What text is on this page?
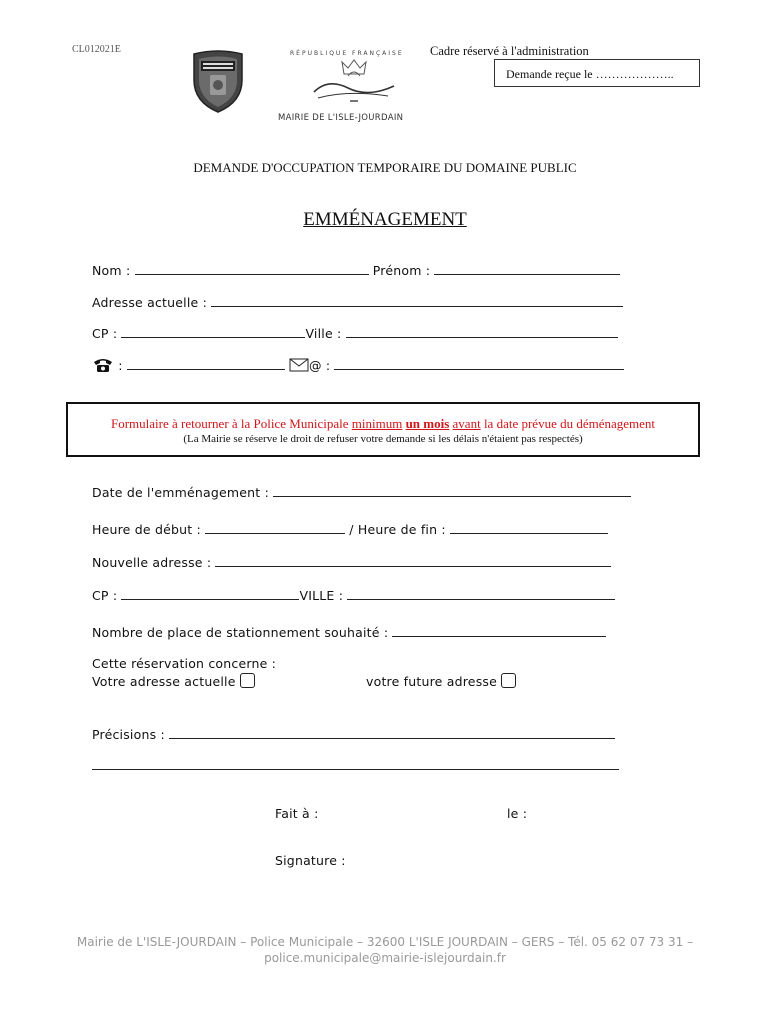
CL012021E	RÉPUBLIQUE FRANÇAISE
MAIRIE DE L'ISLE-JOURDAIN
Cadre réservé à l'administration
Demande reçue le ………………..
DEMANDE D'OCCUPATION TEMPORAIRE DU DOMAINE PUBLIC
EMMÉNAGEMENT
Nom :	Prénom :
Adresse actuelle :
CP :	Ville :
:	@ :
Formulaire à retourner à la Police Municipale minimum un mois avant la date prévue du déménagement
(La Mairie se réserve le droit de refuser votre demande si les délais n'étaient pas respectés)
Date de l'emménagement :
Heure de début :	/ Heure de fin :
Nouvelle adresse :
CP :	VILLE :
Nombre de place de stationnement souhaité :
Cette réservation concerne :
Votre adresse actuelle	votre future adresse
Précisions :
Fait à :	le :
Signature :
Mairie de L'ISLE-JOURDAIN – Police Municipale – 32600 L'ISLE JOURDAIN – GERS – Tél. 05 62 07 73 31 –
police.municipale@mairie-islejourdain.fr
